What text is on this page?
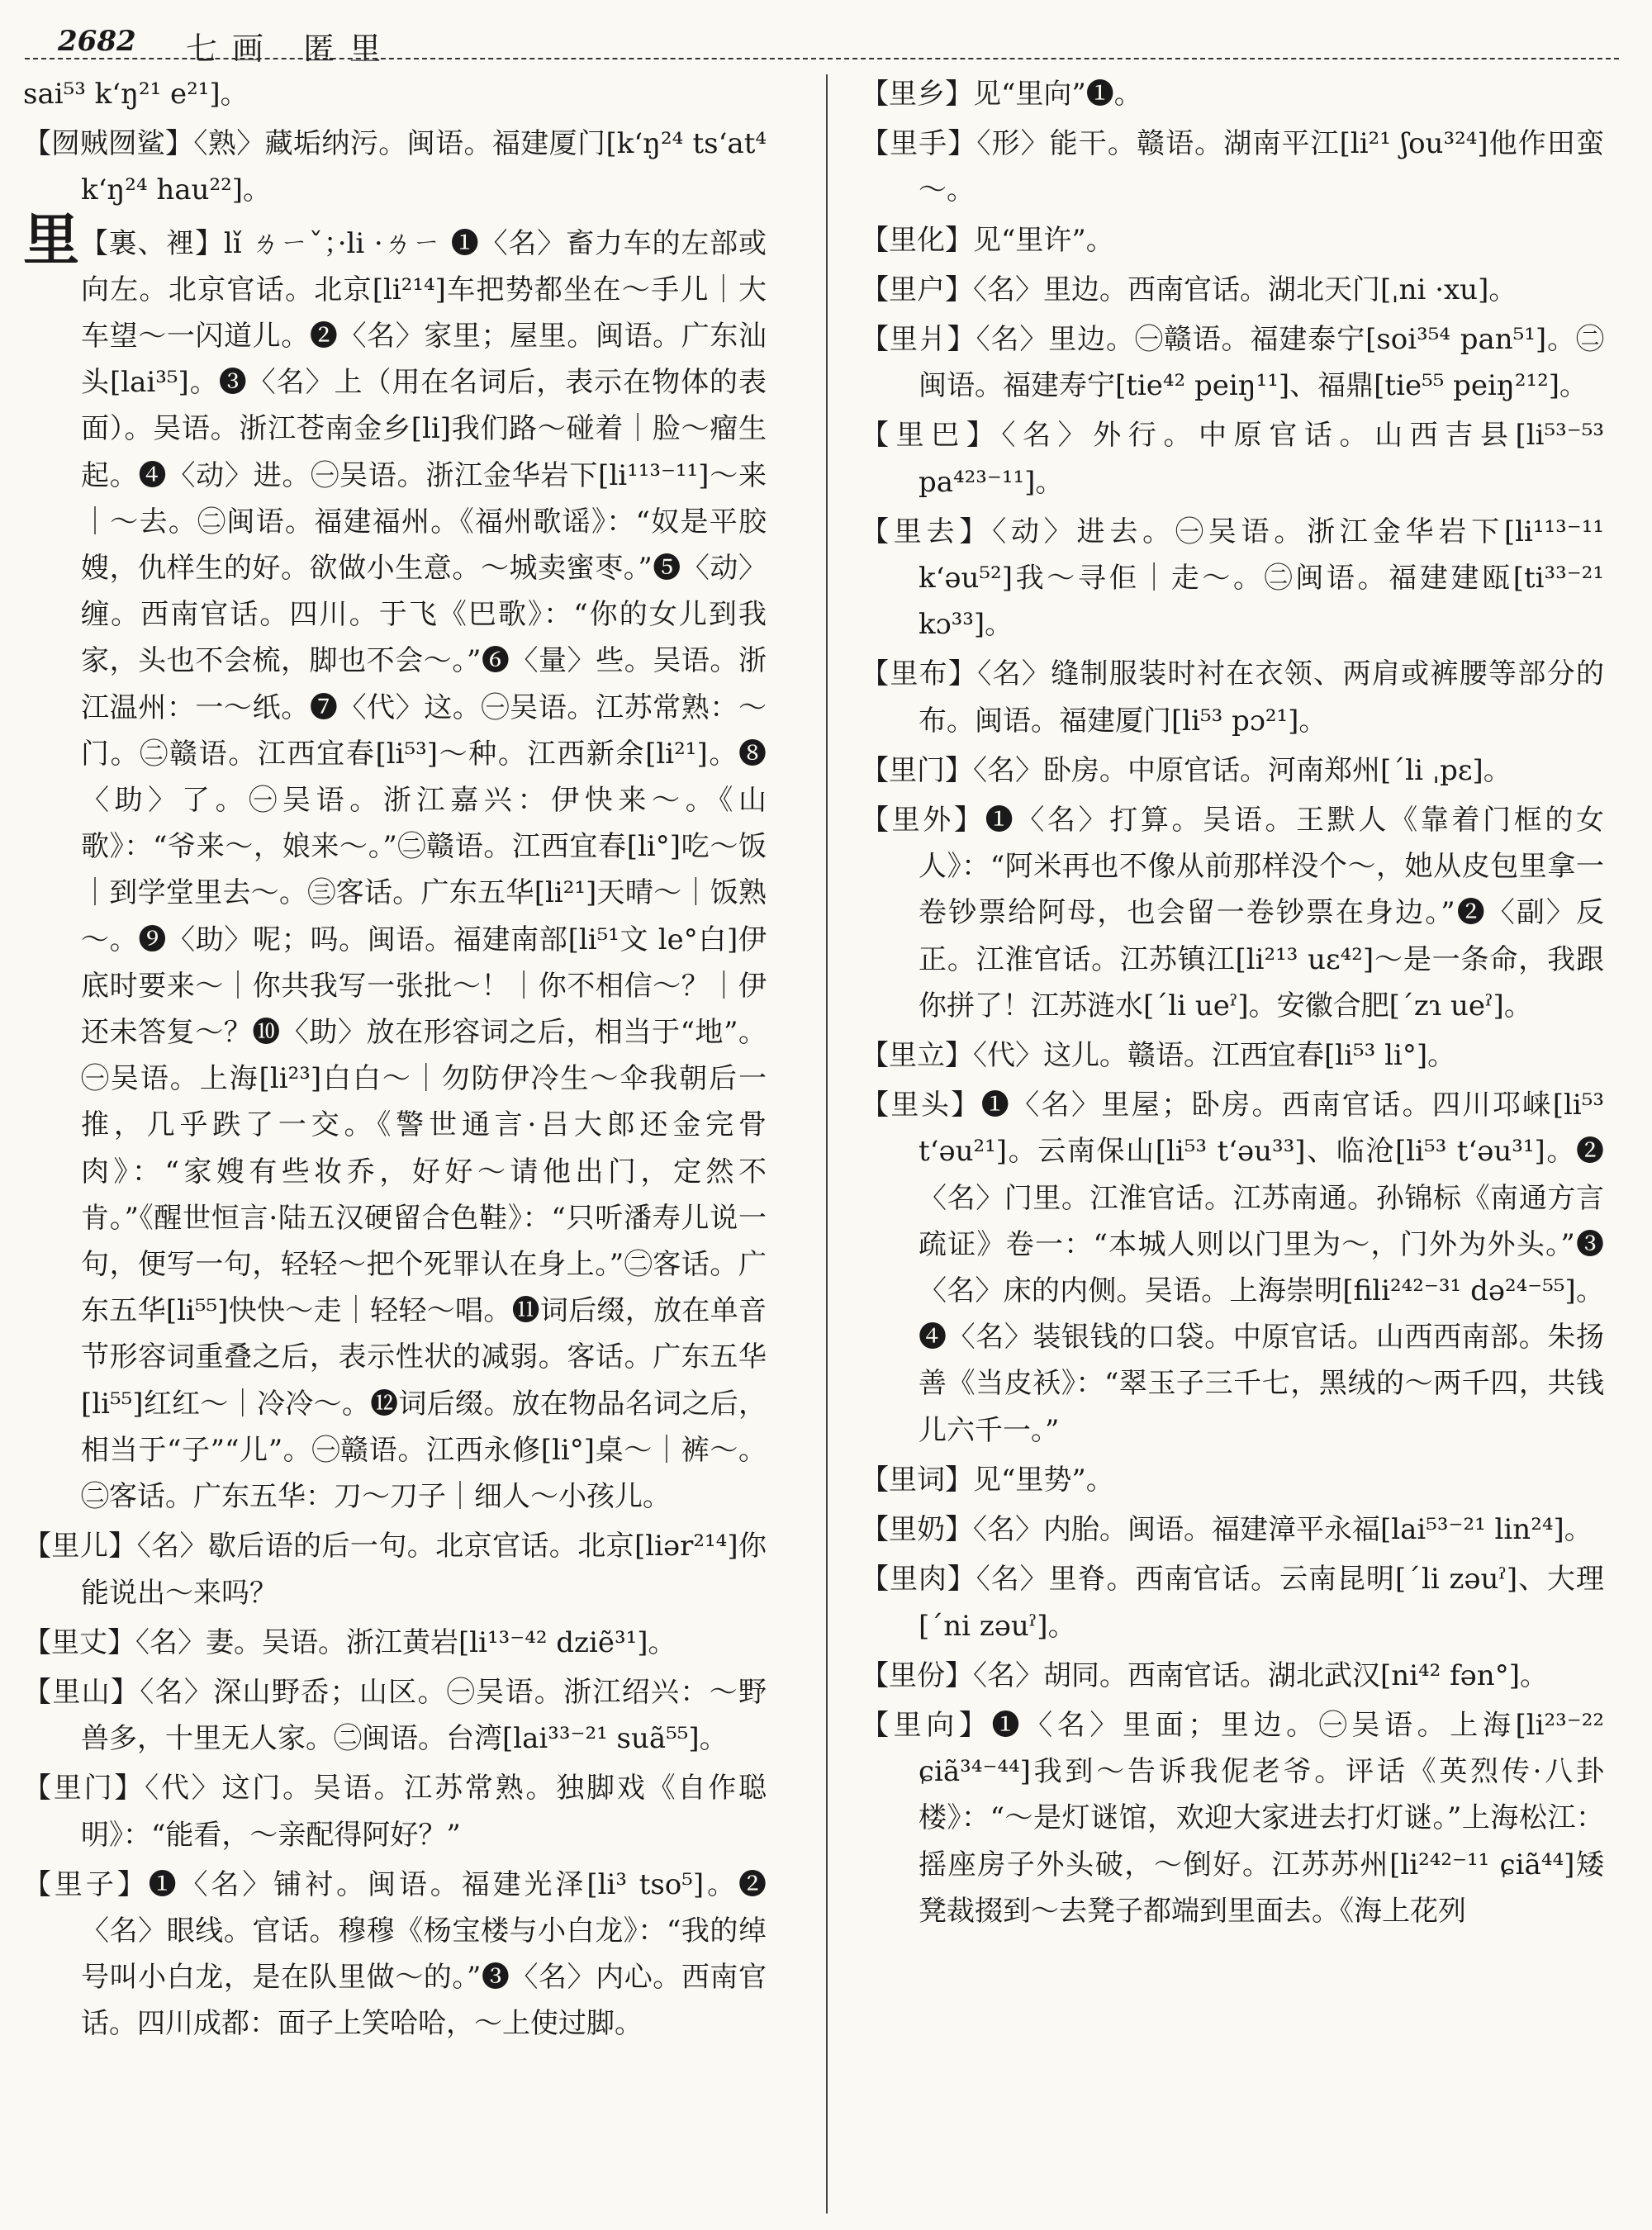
2682 七画 匿里

sai⁵³ k‘ŋ²¹ e²¹]。

【囫贼囫鲨】〈熟〉藏垢纳污。闽语。福建厦门[k‘ŋ²⁴ ts‘at⁴ k‘ŋ²⁴ hau²²]。

里【裏、裡】lǐ ㄌㄧˇ；·li ·ㄌㄧ ❶〈名〉畜力车的左部或向左。北京官话。北京[li²¹⁴]车把势都坐在～手儿｜大车望～一闪道儿。❷〈名〉家里；屋里。闽语。广东汕头[lai³⁵]。❸〈名〉上（用在名词后，表示在物体的表面）。吴语。浙江苍南金乡[li]我们路～碰着｜脸～瘤生起。❹〈动〉进。㊀吴语。浙江金华岩下[li¹¹³⁻¹¹]～来｜～去。㊁闽语。福建福州。《福州歌谣》：“奴是平胶嫂，仇样生的好。欲做小生意。～城卖蜜枣。”❺〈动〉缠。西南官话。四川。于飞《巴歌》：“你的女儿到我家，头也不会梳，脚也不会～。”❻〈量〉些。吴语。浙江温州：一～纸。❼〈代〉这。㊀吴语。江苏常熟：～门。㊁赣语。江西宜春[li⁵³]～种。江西新余[li²¹]。❽〈助〉了。㊀吴语。浙江嘉兴：伊快来～。《山歌》：“爷来～，娘来～。”㊁赣语。江西宜春[li°]吃～饭｜到学堂里去～。㊂客话。广东五华[li²¹]天晴～｜饭熟～。❾〈助〉呢；吗。闽语。福建南部[li⁵¹文 le°白]伊底时要来～｜你共我写一张批～！｜你不相信～？｜伊还未答复～？❿〈助〉放在形容词之后，相当于“地”。㊀吴语。上海[li²³]白白～｜勿防伊冷生～伞我朝后一推，几乎跌了一交。《警世通言·吕大郎还金完骨肉》：“家嫂有些妆乔，好好～请他出门，定然不肯。”《醒世恒言·陆五汉硬留合色鞋》：“只听潘寿儿说一句，便写一句，轻轻～把个死罪认在身上。”㊁客话。广东五华[li⁵⁵]快快～走｜轻轻～唱。⓫词后缀，放在单音节形容词重叠之后，表示性状的减弱。客话。广东五华[li⁵⁵]红红～｜冷冷～。⓬词后缀。放在物品名词之后，相当于“子”“儿”。㊀赣语。江西永修[li°]桌～｜裤～。㊁客话。广东五华：刀～刀子｜细人～小孩儿。

【里儿】〈名〉歇后语的后一句。北京官话。北京[liər²¹⁴]你能说出～来吗？

【里丈】〈名〉妻。吴语。浙江黄岩[li¹³⁻⁴² dziẽ³¹]。

【里山】〈名〉深山野岙；山区。㊀吴语。浙江绍兴：～野兽多，十里无人家。㊁闽语。台湾[lai³³⁻²¹ suã⁵⁵]。

【里门】〈代〉这门。吴语。江苏常熟。独脚戏《自作聪明》：“能看，～亲配得阿好？”

【里子】❶〈名〉铺衬。闽语。福建光泽[li³ tso⁵]。❷〈名〉眼线。官话。穆穆《杨宝楼与小白龙》：“我的绰号叫小白龙，是在队里做～的。”❸〈名〉内心。西南官话。四川成都：面子上笑哈哈，～上使过脚。

【里乡】见“里向”❶。

【里手】〈形〉能干。赣语。湖南平江[li²¹ ʃou³²⁴]他作田蛮～。

【里化】见“里许”。

【里户】〈名〉里边。西南官话。湖北天门[ˌni ·xu]。

【里爿】〈名〉里边。㊀赣语。福建泰宁[soi³⁵⁴ pan⁵¹]。㊁闽语。福建寿宁[tie⁴² peiŋ¹¹]、福鼎[tie⁵⁵ peiŋ²¹²]。

【里巴】〈名〉外行。中原官话。山西吉县[li⁵³⁻⁵³ pa⁴²³⁻¹¹]。

【里去】〈动〉进去。㊀吴语。浙江金华岩下[li¹¹³⁻¹¹ k‘əu⁵²]我～寻佢｜走～。㊁闽语。福建建瓯[ti³³⁻²¹ kɔ³³]。

【里布】〈名〉缝制服装时衬在衣领、两肩或裤腰等部分的布。闽语。福建厦门[li⁵³ pɔ²¹]。

【里门】〈名〉卧房。中原官话。河南郑州[ˊli ˌpɛ]。

【里外】❶〈名〉打算。吴语。王默人《靠着门框的女人》：“阿米再也不像从前那样没个～，她从皮包里拿一卷钞票给阿母，也会留一卷钞票在身边。”❷〈副〉反正。江淮官话。江苏镇江[li²¹³ uɛ⁴²]～是一条命，我跟你拼了！江苏涟水[ˊli ueˀ]。安徽合肥[ˊzɿ ueˀ]。

【里立】〈代〉这儿。赣语。江西宜春[li⁵³ li°]。

【里头】❶〈名〉里屋；卧房。西南官话。四川邛崃[li⁵³ t‘əu²¹]。云南保山[li⁵³ t‘əu³³]、临沧[li⁵³ t‘əu³¹]。❷〈名〉门里。江淮官话。江苏南通。孙锦标《南通方言疏证》卷一：“本城人则以门里为～，门外为外头。”❸〈名〉床的内侧。吴语。上海崇明[fili²⁴²⁻³¹ də²⁴⁻⁵⁵]。❹〈名〉装银钱的口袋。中原官话。山西西南部。朱扬善《当皮袄》：“翠玉子三千七，黑绒的～两千四，共钱儿六千一。”

【里词】见“里势”。

【里奶】〈名〉内胎。闽语。福建漳平永福[lai⁵³⁻²¹ lin²⁴]。

【里肉】〈名〉里脊。西南官话。云南昆明[ˊli zəuˀ]、大理[ˊni zəuˀ]。

【里份】〈名〉胡同。西南官话。湖北武汉[ni⁴² fən°]。

【里向】❶〈名〉里面；里边。㊀吴语。上海[li²³⁻²² ɕiã³⁴⁻⁴⁴]我到～告诉我伲老爷。评话《英烈传·八卦楼》：“～是灯谜馆，欢迎大家进去打灯谜。”上海松江：摇座房子外头破，～倒好。江苏苏州[li²⁴²⁻¹¹ ɕiã⁴⁴]矮凳裁掇到～去凳子都端到里面去。《海上花列
